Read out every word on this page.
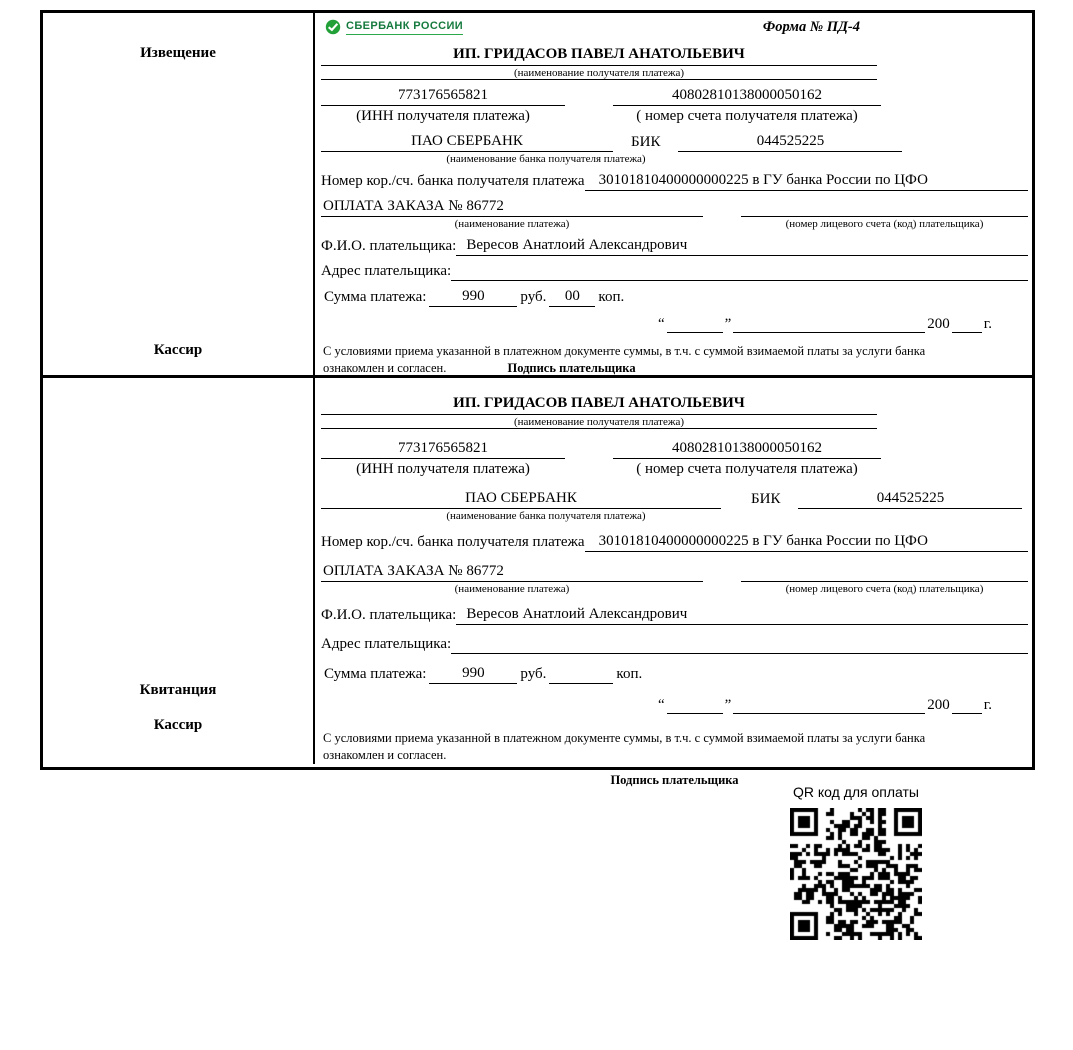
Извещение
Кассир
СБЕРБАНК РОССИИ	Форма № ПД-4
ИП. ГРИДАСОВ ПАВЕЛ АНАТОЛЬЕВИЧ
(наименование получателя платежа)
773176565821	40802810138000050162
(ИНН получателя платежа)	( номер счета получателя платежа)
ПАО СБЕРБАНК	БИК	044525225
(наименование банка получателя платежа)
Номер кор./сч. банка получателя платежа 30101810400000000225 в ГУ банка России по ЦФО
ОПЛАТА ЗАКАЗА № 86772
(наименование платежа)	(номер лицевого счета (код) плательщика)
Ф.И.О. плательщика: Вересов Анатлоий Александрович
Адрес плательщика:
Сумма платежа:	990	руб.	00	коп.
“	”	200 г.
С условиями приема указанной в платежном документе суммы, в т.ч. с суммой взимаемой платы за услуги банка
ознакомлен и согласен.	Подпись плательщика
Квитанция
Кассир
ИП. ГРИДАСОВ ПАВЕЛ АНАТОЛЬЕВИЧ
(наименование получателя платежа)
773176565821	40802810138000050162
(ИНН получателя платежа)	( номер счета получателя платежа)
ПАО СБЕРБАНК	БИК	044525225
(наименование банка получателя платежа)
Номер кор./сч. банка получателя платежа 30101810400000000225 в ГУ банка России по ЦФО
ОПЛАТА ЗАКАЗА № 86772
(наименование платежа)	(номер лицевого счета (код) плательщика)
Ф.И.О. плательщика: Вересов Анатлоий Александрович
Адрес плательщика:
Сумма платежа:	990	руб.	коп.
“	”	200 г.
С условиями приема указанной в платежном документе суммы, в т.ч. с суммой взимаемой платы за услуги банка
ознакомлен и согласен.
Подпись плательщика
QR код для оплаты
